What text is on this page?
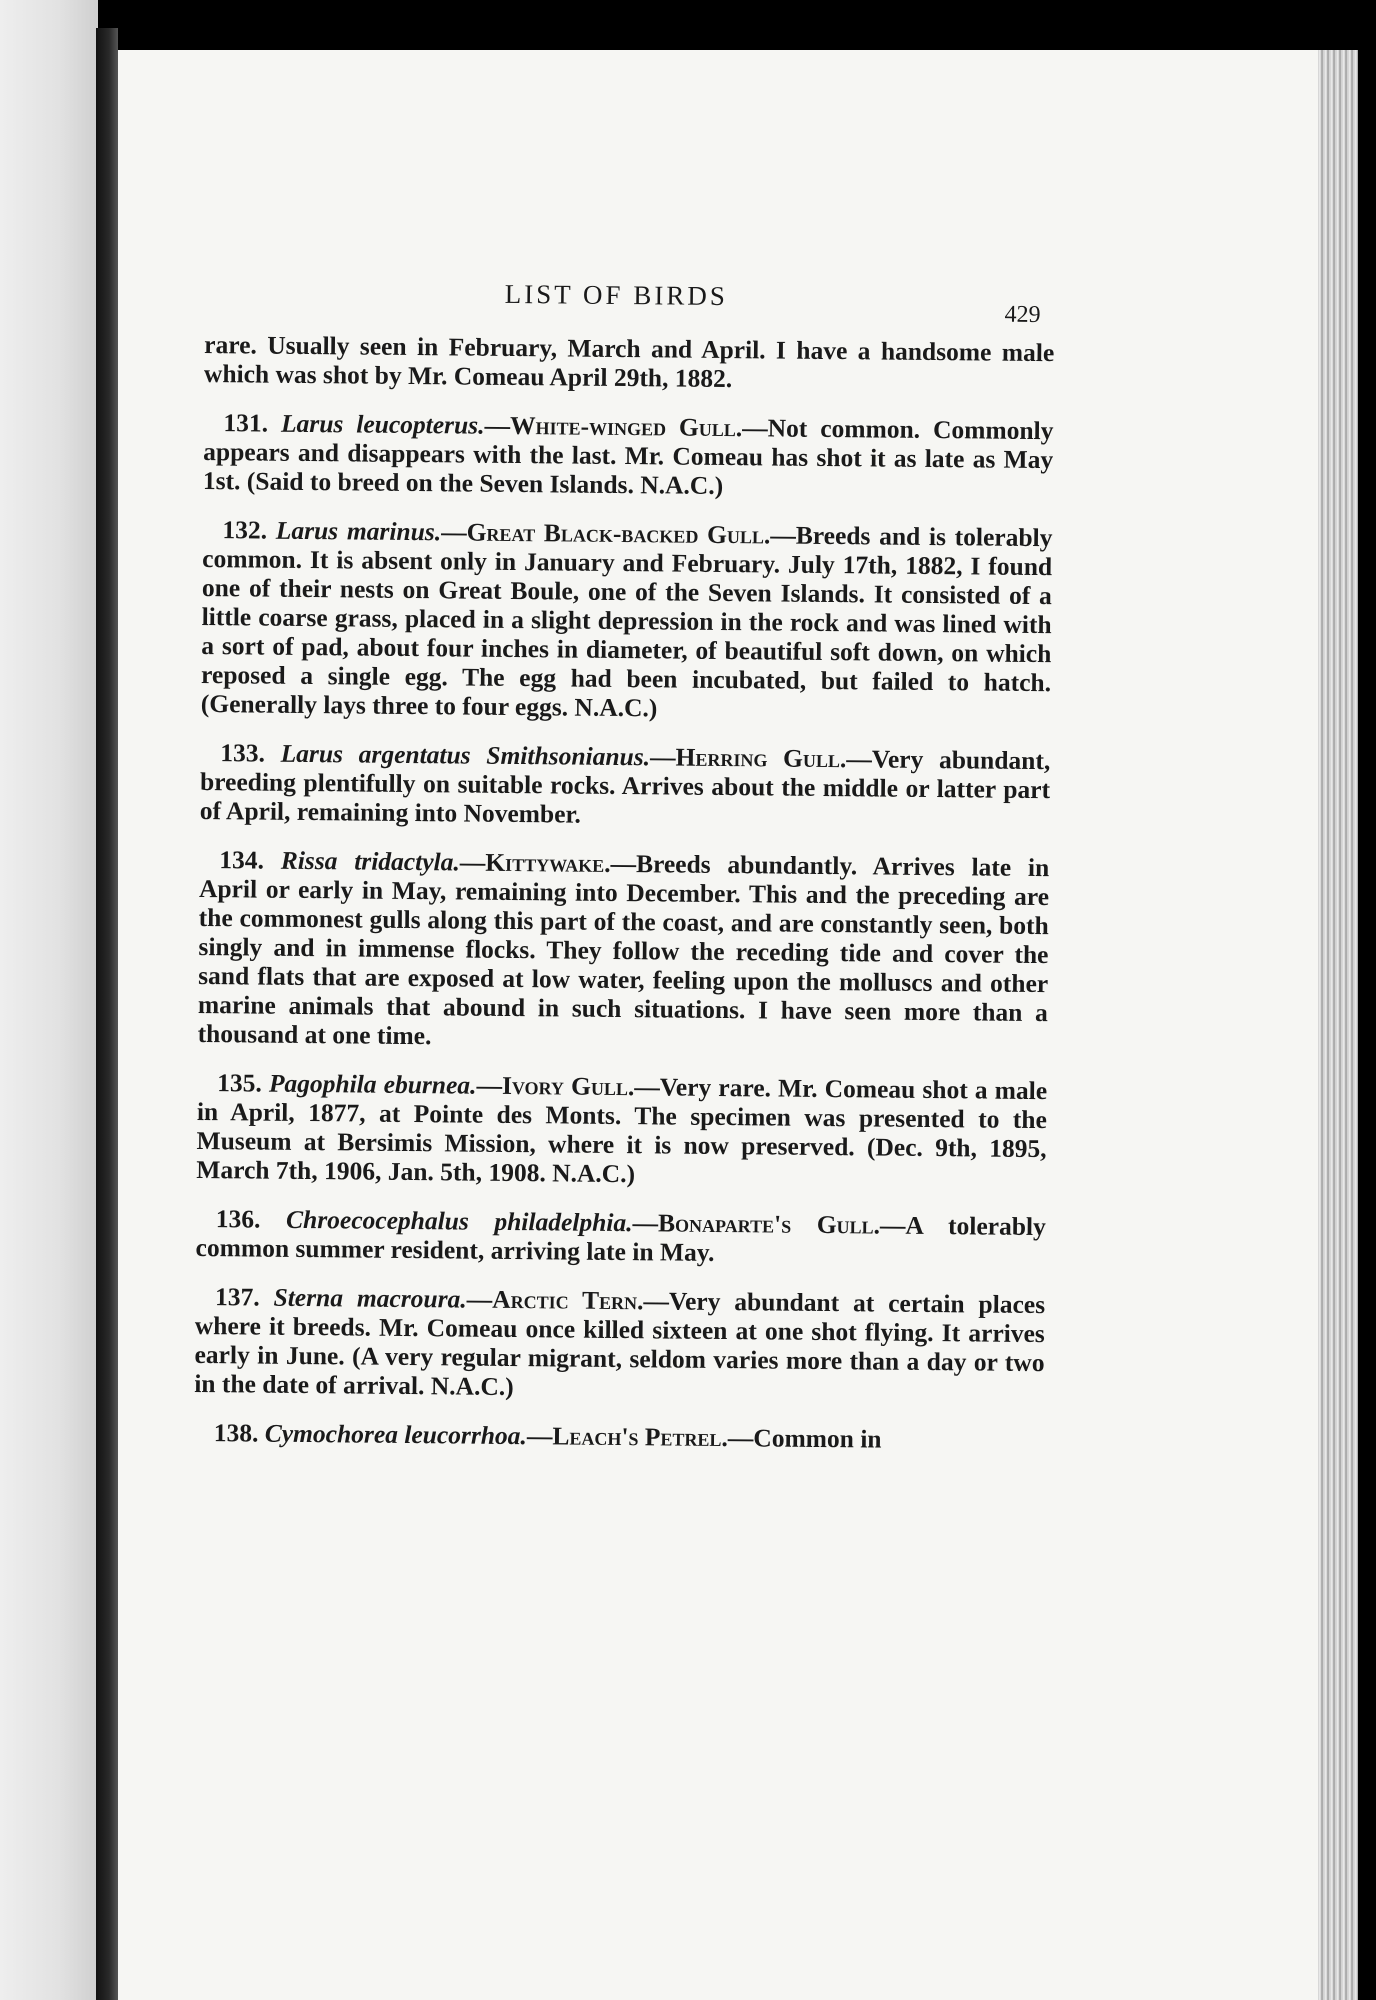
LIST OF BIRDS
429

rare. Usually seen in February, March and April. I have a handsome male which was shot by Mr. Comeau April 29th, 1882.

131. Larus leucopterus.—White-winged Gull.—Not common. Commonly appears and disappears with the last. Mr. Comeau has shot it as late as May 1st. (Said to breed on the Seven Islands. N.A.C.)

132. Larus marinus.—Great Black-backed Gull.—Breeds and is tolerably common. It is absent only in January and February. July 17th, 1882, I found one of their nests on Great Boule, one of the Seven Islands. It consisted of a little coarse grass, placed in a slight depression in the rock and was lined with a sort of pad, about four inches in diameter, of beautiful soft down, on which reposed a single egg. The egg had been incubated, but failed to hatch. (Generally lays three to four eggs. N.A.C.)

133. Larus argentatus Smithsonianus.—Herring Gull.—Very abundant, breeding plentifully on suitable rocks. Arrives about the middle or latter part of April, remaining into November.

134. Rissa tridactyla.—Kittywake.—Breeds abundantly. Arrives late in April or early in May, remaining into December. This and the preceding are the commonest gulls along this part of the coast, and are constantly seen, both singly and in immense flocks. They follow the receding tide and cover the sand flats that are exposed at low water, feeling upon the molluscs and other marine animals that abound in such situations. I have seen more than a thousand at one time.

135. Pagophila eburnea.—Ivory Gull.—Very rare. Mr. Comeau shot a male in April, 1877, at Pointe des Monts. The specimen was presented to the Museum at Bersimis Mission, where it is now preserved. (Dec. 9th, 1895, March 7th, 1906, Jan. 5th, 1908. N.A.C.)

136. Chroecocephalus philadelphia.—Bonaparte's Gull.—A tolerably common summer resident, arriving late in May.

137. Sterna macroura.—Arctic Tern.—Very abundant at certain places where it breeds. Mr. Comeau once killed sixteen at one shot flying. It arrives early in June. (A very regular migrant, seldom varies more than a day or two in the date of arrival. N.A.C.)

138. Cymochorea leucorrhoa.—Leach's Petrel.—Common in
